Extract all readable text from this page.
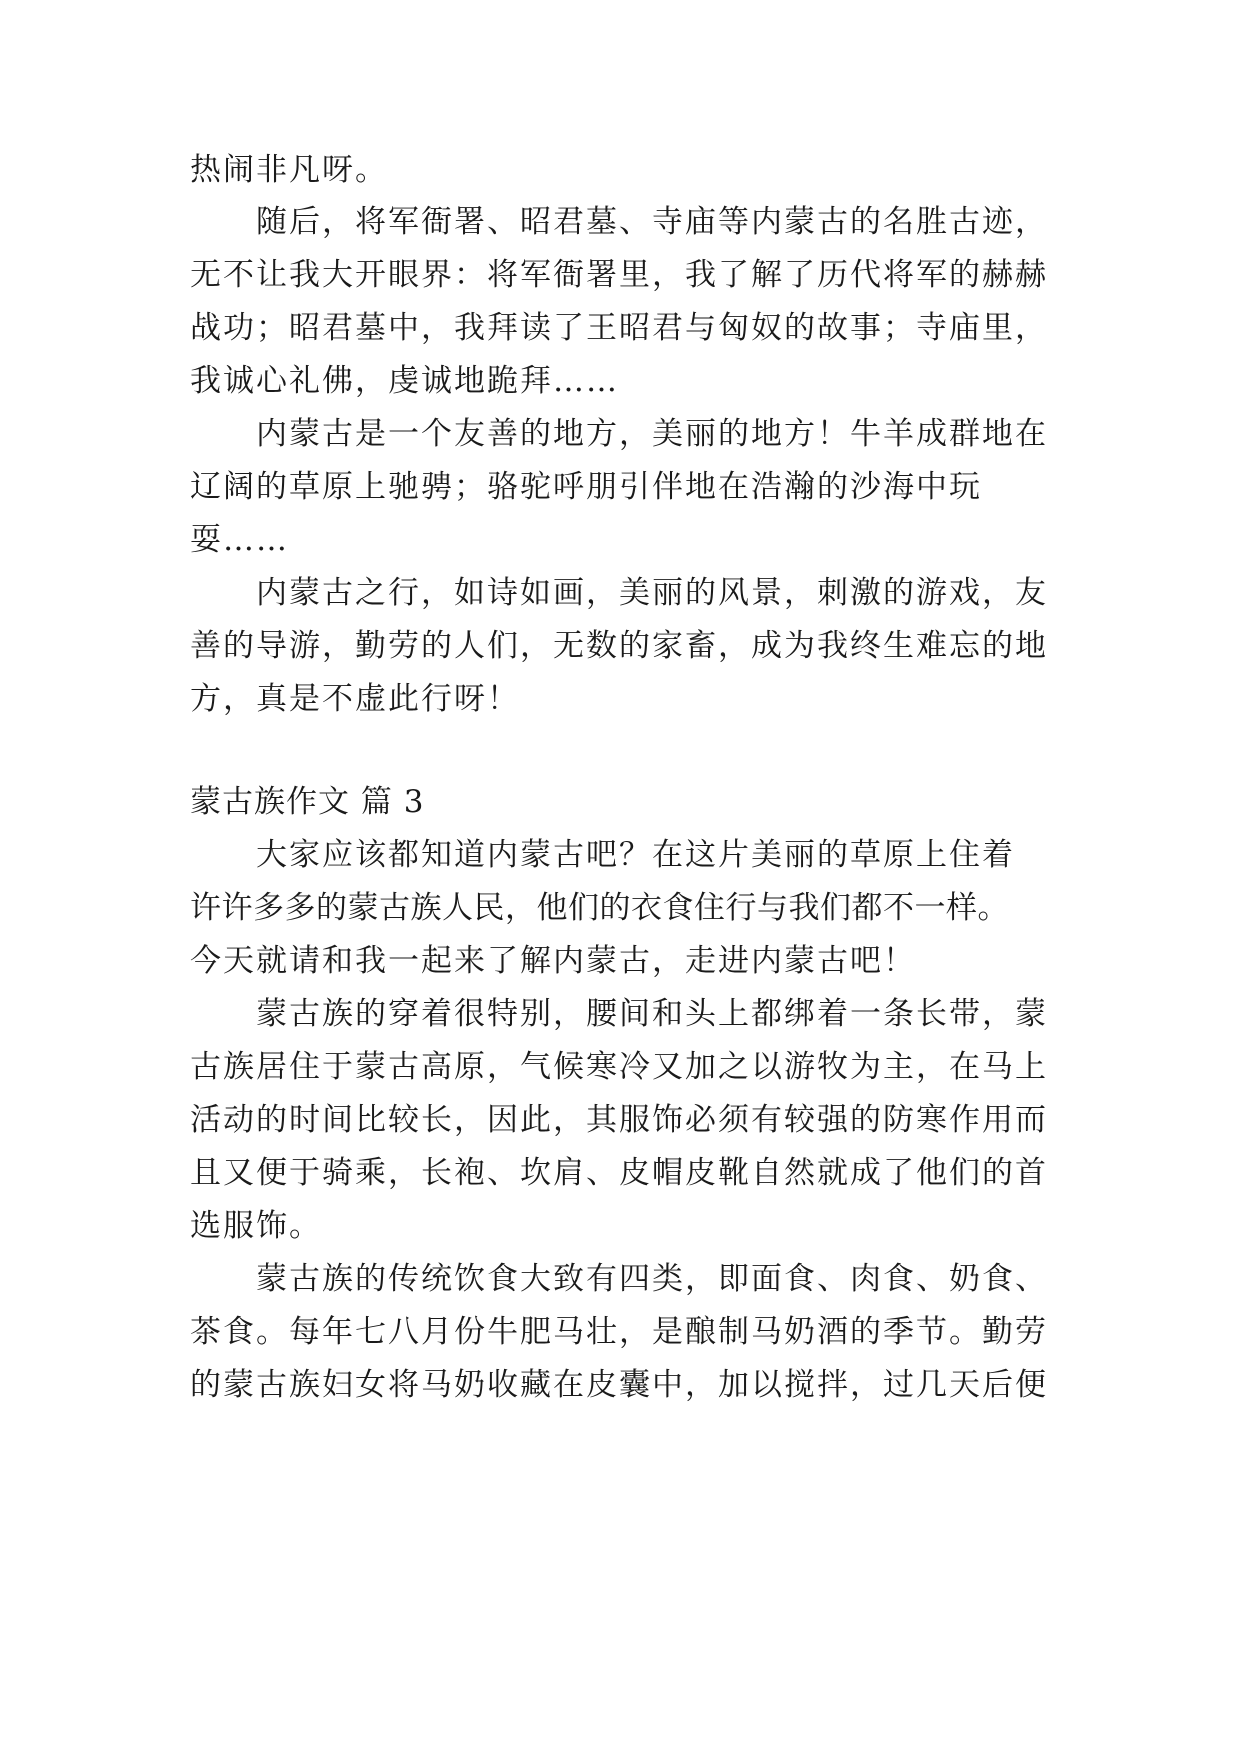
热闹非凡呀。
随后，将军衙署、昭君墓、寺庙等内蒙古的名胜古迹，
无不让我大开眼界：将军衙署里，我了解了历代将军的赫赫
战功；昭君墓中，我拜读了王昭君与匈奴的故事；寺庙里，
我诚心礼佛，虔诚地跪拜……
内蒙古是一个友善的地方，美丽的地方！牛羊成群地在
辽阔的草原上驰骋；骆驼呼朋引伴地在浩瀚的沙海中玩
耍……
内蒙古之行，如诗如画，美丽的风景，刺激的游戏，友
善的导游，勤劳的人们，无数的家畜，成为我终生难忘的地
方，真是不虚此行呀！
蒙古族作文 篇 3
大家应该都知道内蒙古吧？在这片美丽的草原上住着
许许多多的蒙古族人民，他们的衣食住行与我们都不一样。
今天就请和我一起来了解内蒙古，走进内蒙古吧！
蒙古族的穿着很特别，腰间和头上都绑着一条长带，蒙
古族居住于蒙古高原，气候寒冷又加之以游牧为主，在马上
活动的时间比较长，因此，其服饰必须有较强的防寒作用而
且又便于骑乘，长袍、坎肩、皮帽皮靴自然就成了他们的首
选服饰。
蒙古族的传统饮食大致有四类，即面食、肉食、奶食、
茶食。每年七八月份牛肥马壮，是酿制马奶酒的季节。勤劳
的蒙古族妇女将马奶收藏在皮囊中，加以搅拌，过几天后便
